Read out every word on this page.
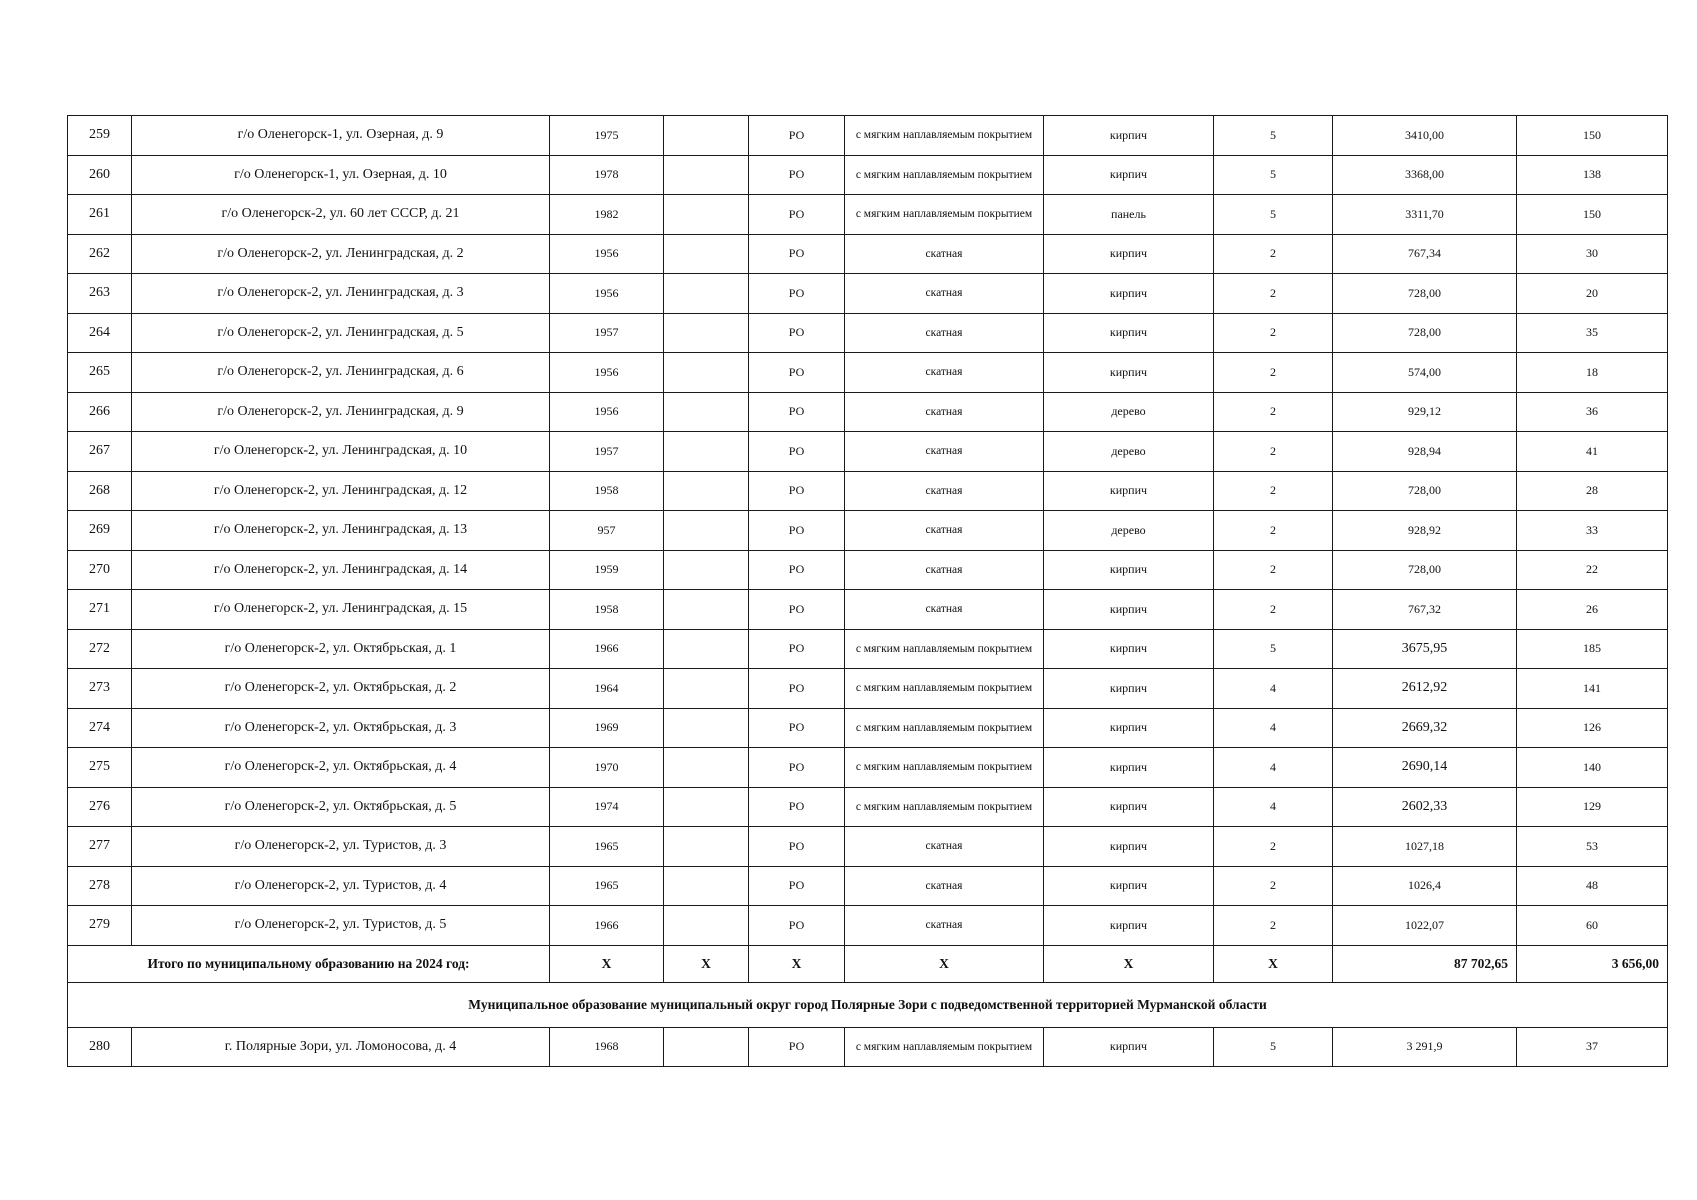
259	г/о Оленегорск-1, ул. Озерная, д. 9	1975		РО	с мягким наплавляемым покрытием	кирпич	5	3410,00	150
260	г/о Оленегорск-1, ул. Озерная, д. 10	1978		РО	с мягким наплавляемым покрытием	кирпич	5	3368,00	138
261	г/о Оленегорск-2, ул. 60 лет СССР, д. 21	1982		РО	с мягким наплавляемым покрытием	панель	5	3311,70	150
262	г/о Оленегорск-2, ул. Ленинградская, д. 2	1956		РО	скатная	кирпич	2	767,34	30
263	г/о Оленегорск-2, ул. Ленинградская, д. 3	1956		РО	скатная	кирпич	2	728,00	20
264	г/о Оленегорск-2, ул. Ленинградская, д. 5	1957		РО	скатная	кирпич	2	728,00	35
265	г/о Оленегорск-2, ул. Ленинградская, д. 6	1956		РО	скатная	кирпич	2	574,00	18
266	г/о Оленегорск-2, ул. Ленинградская, д. 9	1956		РО	скатная	дерево	2	929,12	36
267	г/о Оленегорск-2, ул. Ленинградская, д. 10	1957		РО	скатная	дерево	2	928,94	41
268	г/о Оленегорск-2, ул. Ленинградская, д. 12	1958		РО	скатная	кирпич	2	728,00	28
269	г/о Оленегорск-2, ул. Ленинградская, д. 13	957		РО	скатная	дерево	2	928,92	33
270	г/о Оленегорск-2, ул. Ленинградская, д. 14	1959		РО	скатная	кирпич	2	728,00	22
271	г/о Оленегорск-2, ул. Ленинградская, д. 15	1958		РО	скатная	кирпич	2	767,32	26
272	г/о Оленегорск-2, ул. Октябрьская, д. 1	1966		РО	с мягким наплавляемым покрытием	кирпич	5	3675,95	185
273	г/о Оленегорск-2, ул. Октябрьская, д. 2	1964		РО	с мягким наплавляемым покрытием	кирпич	4	2612,92	141
274	г/о Оленегорск-2, ул. Октябрьская, д. 3	1969		РО	с мягким наплавляемым покрытием	кирпич	4	2669,32	126
275	г/о Оленегорск-2, ул. Октябрьская, д. 4	1970		РО	с мягким наплавляемым покрытием	кирпич	4	2690,14	140
276	г/о Оленегорск-2, ул. Октябрьская, д. 5	1974		РО	с мягким наплавляемым покрытием	кирпич	4	2602,33	129
277	г/о Оленегорск-2, ул. Туристов, д. 3	1965		РО	скатная	кирпич	2	1027,18	53
278	г/о Оленегорск-2, ул. Туристов, д. 4	1965		РО	скатная	кирпич	2	1026,4	48
279	г/о Оленегорск-2, ул. Туристов, д. 5	1966		РО	скатная	кирпич	2	1022,07	60
Итого по муниципальному образованию на 2024 год:		X	X	X	X	X	X	87 702,65	3 656,00
Муниципальное образование муниципальный округ город Полярные Зори с подведомственной территорией Мурманской области									
280	г. Полярные Зори, ул. Ломоносова, д. 4	1968		РО	с мягким наплавляемым покрытием	кирпич	5	3 291,9	37
